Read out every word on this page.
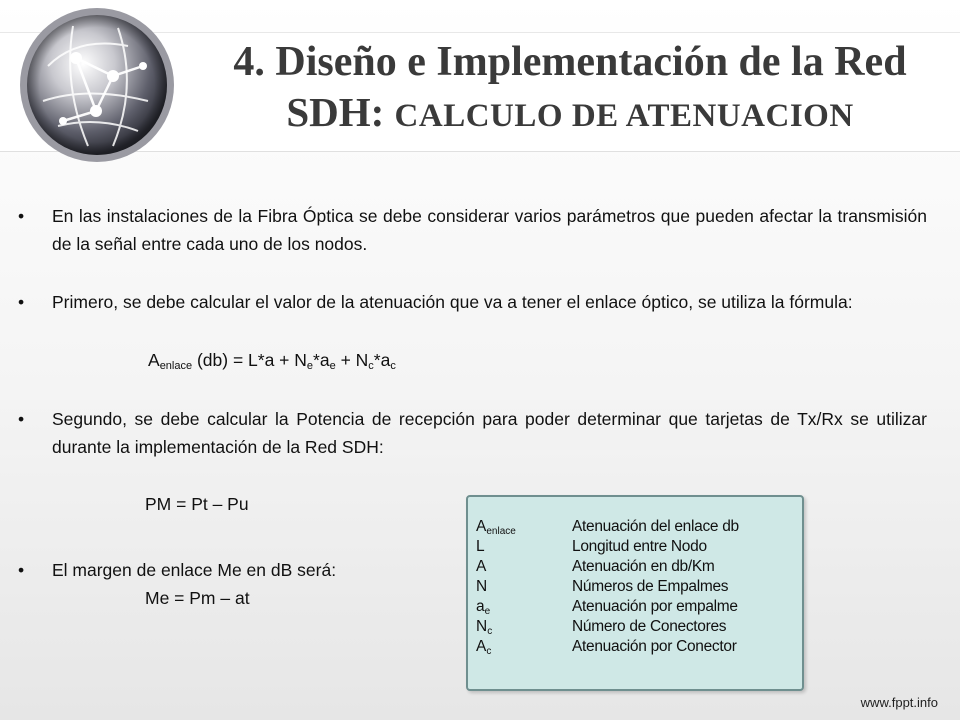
4. Diseño e Implementación de la Red
SDH: CALCULO DE ATENUACION
• En las instalaciones de la Fibra Óptica se debe considerar varios parámetros que pueden afectar la transmisión de la señal entre cada uno de los nodos.
• Primero, se debe calcular el valor de la atenuación que va a tener el enlace óptico, se utiliza la fórmula:
$A_{enlace}$ $(db) = L*a + N_e*a_e + N_c*a_c$
• Segundo, se debe calcular la Potencia de recepción para poder determinar que tarjetas de Tx/Rx se utilizar durante la implementación de la Red SDH:
PM = Pt – Pu
• El margen de enlace Me en dB será:
Me = Pm – at
$A_{enlace}$	Atenuación del enlace db
L	Longitud entre Nodo
A	Atenuación en db/Km
N	Números de Empalmes
$a_e$	Atenuación por empalme
$N_c$	Número de Conectores
$A_c$	Atenuación por Conector
www.fppt.info
